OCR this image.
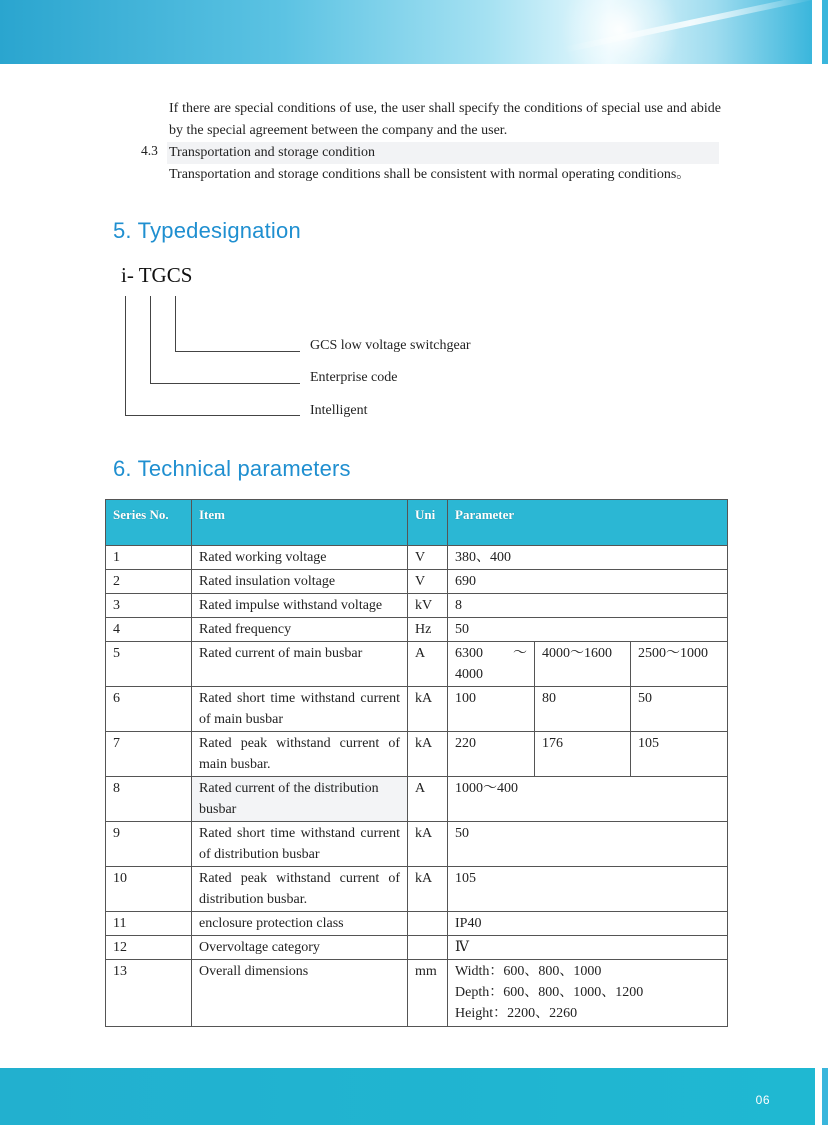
If there are special conditions of use, the user shall specify the conditions of special use and abide by the special agreement between the company and the user.
4.3 Transportation and storage condition
Transportation and storage conditions shall be consistent with normal operating conditions。
5. Typedesignation
i- TGCS
GCS low voltage switchgear
Enterprise code
Intelligent
6. Technical parameters
Series No.	Item	Uni	Parameter		
1	Rated working voltage	V	380、400		
2	Rated insulation voltage	V	690		
3	Rated impulse withstand voltage	kV	8		
4	Rated frequency	Hz	50		
5	Rated current of main busbar	A	6300 ～ 4000	4000～1600	2500～1000
6	Rated short time withstand current of main busbar	kA	100	80	50
7	Rated peak withstand current of main busbar.	kA	220	176	105
8	Rated current of the distribution busbar	A	1000～400		
9	Rated short time withstand current of distribution busbar	kA	50		
10	Rated peak withstand current of distribution busbar.	kA	105		
11	enclosure protection class		IP40		
12	Overvoltage category		Ⅳ		
13	Overall dimensions	mm	Width：600、800、1000
Depth：600、800、1000、1200
Height：2200、2260		
06
